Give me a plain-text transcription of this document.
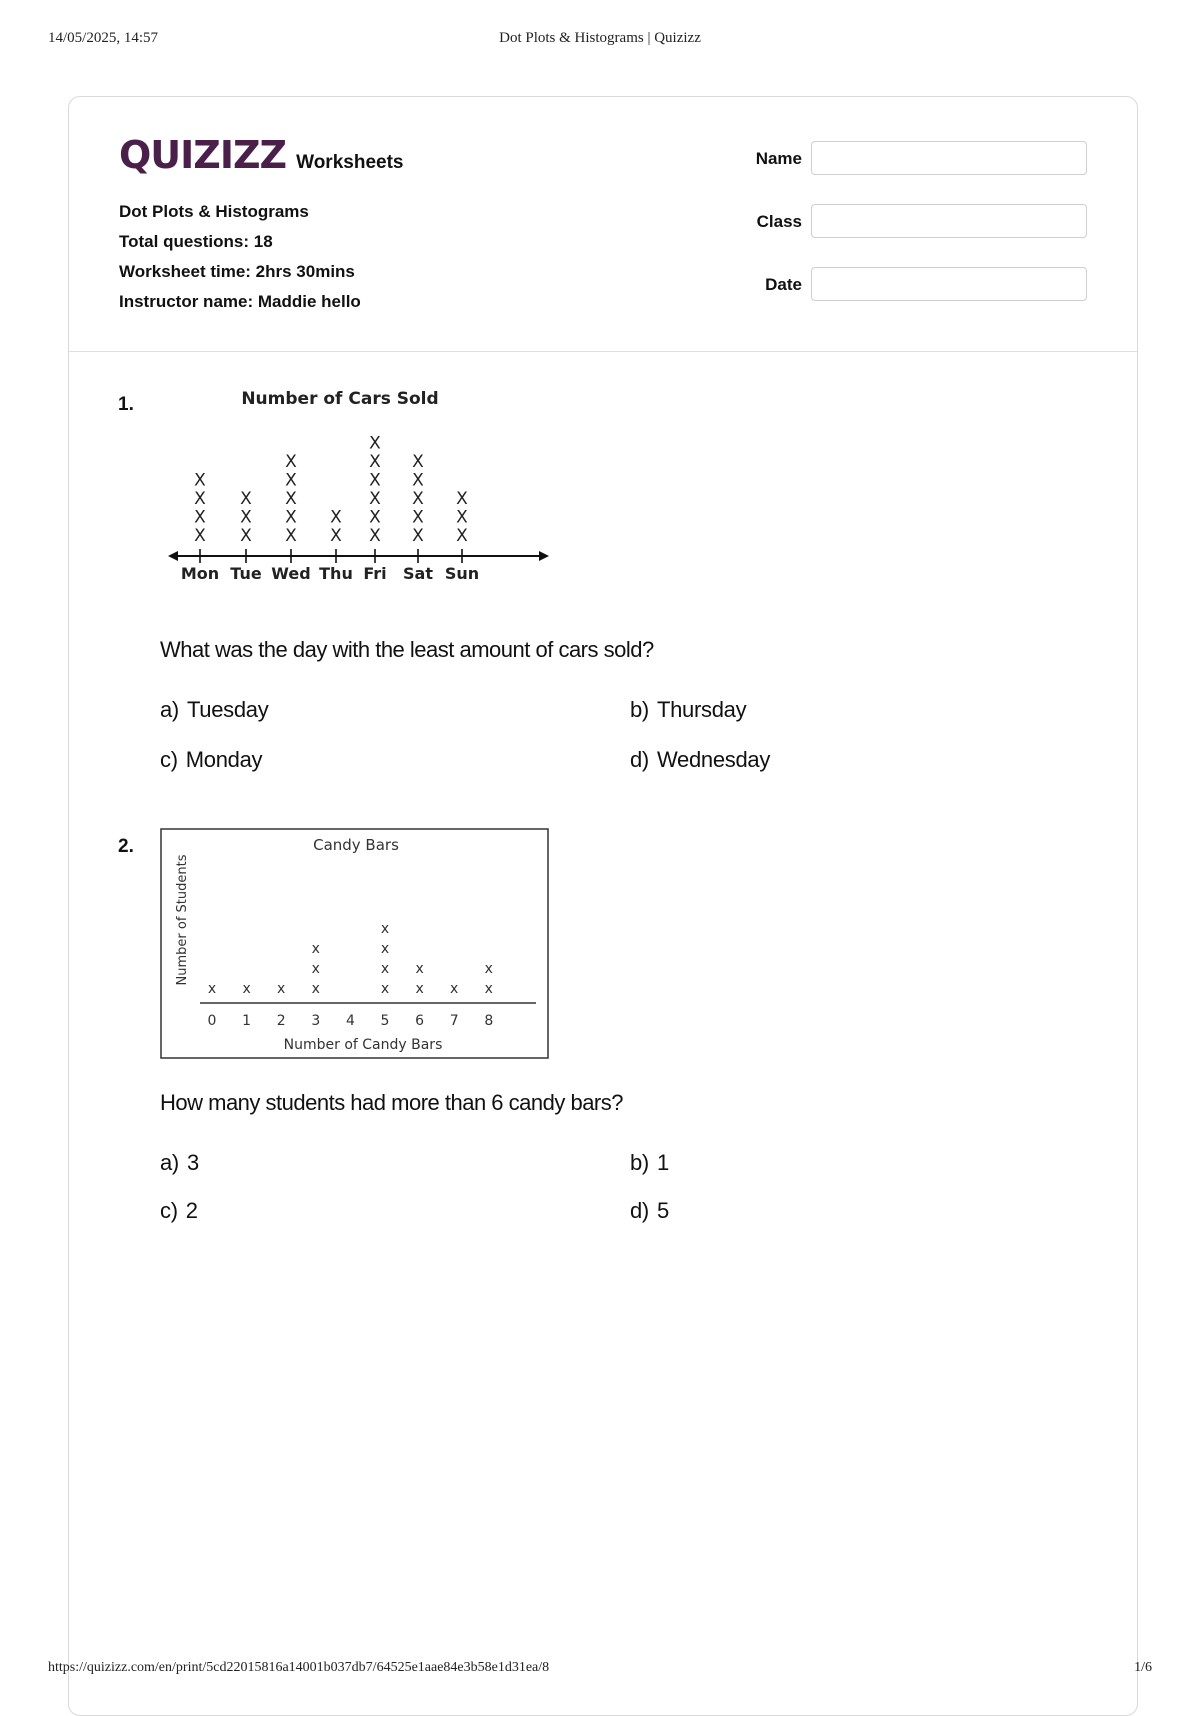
14/05/2025, 14:57	Dot Plots & Histograms | Quizizz
QUIZIZZ Worksheets
Dot Plots & Histograms
Total questions: 18
Worksheet time: 2hrs 30mins
Instructor name: Maddie hello
Name
Class
Date
1.	Number of Cars Sold
Mon
X
X
X
X
Tue
X
X
X
Wed
X
X
X
X
X
Thu
X
X
Fri
X
X
X
X
X
X
Sat
X
X
X
X
X
Sun
X
X
X
What was the day with the least amount of cars sold?
a) Tuesday	b) Thursday
c) Monday	d) Wednesday
2.	Candy Bars
Number of Students
Number of Candy Bars
0
x
1
x
2
x
3
x
x
x
4 5
x
x
x
x
6
x
x
7
x
8
x
x
How many students had more than 6 candy bars?
a) 3	b) 1
c) 2	d) 5
https://quizizz.com/en/print/5cd22015816a14001b037db7/64525e1aae84e3b58e1d31ea/8	1/6
